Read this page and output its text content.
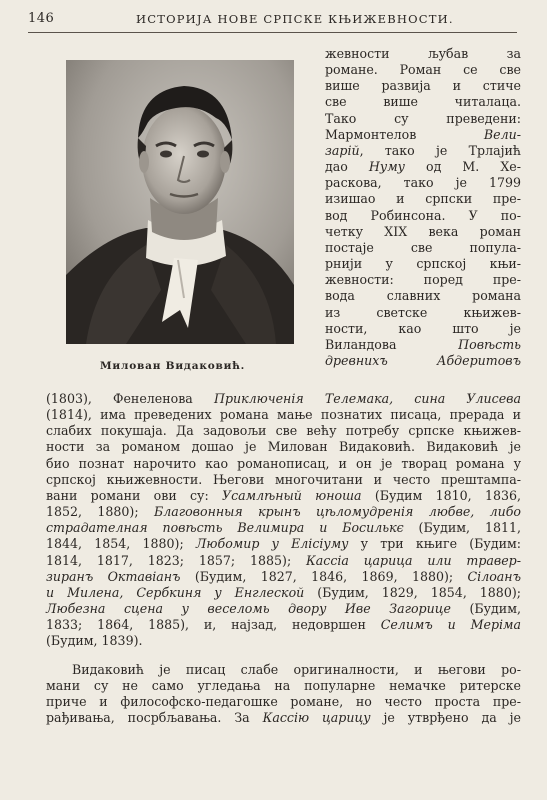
146	ИСТОРИЈА НОВЕ СРПСКЕ КЊИЖЕВНОСТИ.
Милован Видаковић.
жевности љубав за
романе. Роман се све
више развија и стиче
све више читалаца.
Тако су преведени:
Мармонтелов Вели-
зарій, тако је Трлајић
дао Нуму од М. Хе-
раскова, тако је 1799
изишао и српски пре-
вод Робинсона. У по-
четку XIX века роман
постаје све попула-
рнији у српској књи-
жевности: поред пре-
вода славних романа
из светске књижев-
ности, као што је
Виландова Повѣсть
древнихъ Абдеритовъ
(1803), Фенеленова Приключенія Телемака, сина Улисева
(1814), има преведених романа мање познатих писаца, прерада и
слабих покушаја. Да задовољи све већу потребу српске књижев-
ности за романом дошао је Милован Видаковић. Видаковић је
био познат нарочито као романописац, и он је творац романа у
српској књижевности. Његови многочитани и често прештампа-
вани романи ови су: Усамлѣный юноша (Будим 1810, 1836,
1852, 1880); Благовонныя крынъ цѣломудренія любве, либо
страдателная повѣсть Велимира и Босилькє (Будим, 1811,
1844, 1854, 1880); Любомир у Елісіуму у три књиге (Будим:
1814, 1817, 1823; 1857; 1885); Кассіа царица или травер-
зиранъ Октавіанъ (Будим, 1827, 1846, 1869, 1880); Сілоанъ
и Милена, Сербкиня у Енглеской (Будим, 1829, 1854, 1880);
Любезна сцена у веселомь двору Иве Загорице (Будим,
1833; 1864, 1885), и, најзад, недовршен Селимъ и Меріма
(Будим, 1839).
Видаковић је писац слабе оригиналности, и његови ро-
мани су не само угледања на популарне немачке ритерске
приче и философско-педагошке романе, но често проста пре-
рађивања, посрбљавања. За Кассію царицу је утврђено да је
